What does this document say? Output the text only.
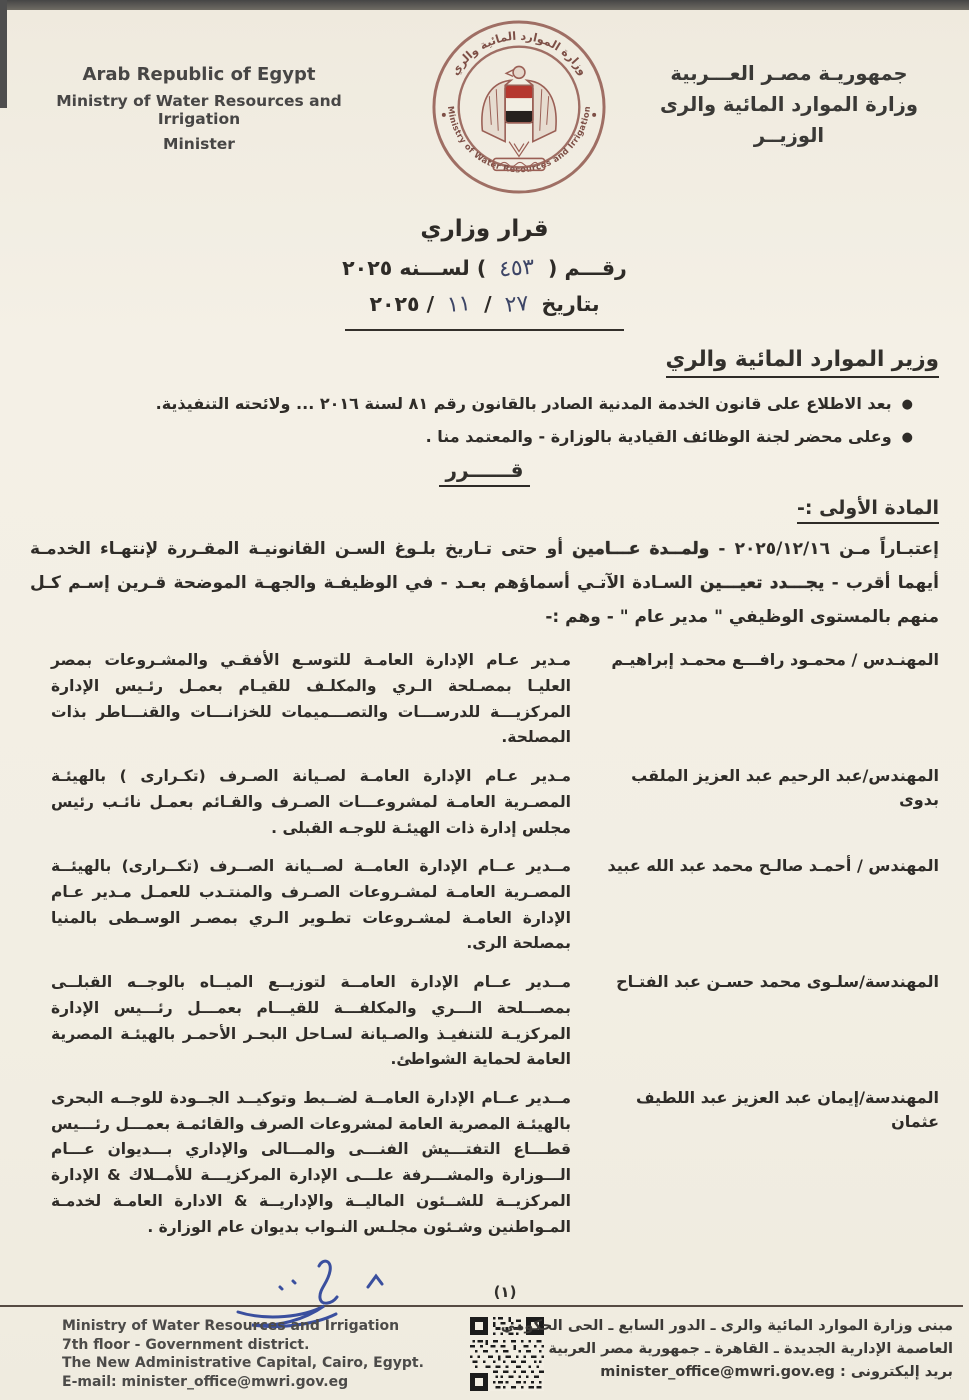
وزارة الموارد المائية والري
Ministry of Water Resources and Irrigation
Arab Republic of Egypt
Ministry of Water Resources and Irrigation
Minister
جمهوريـة مصـر العـــربية
وزارة الموارد المائية والرى
الوزيــر
قرار وزاري
رقـــم ( ٤٥٣ ) لســـنه ٢٠٢٥
بتاريخ ٢٧ / ١١ / ٢٠٢٥
وزير الموارد المائية والري
●
بعد الاطلاع على قانون الخدمة المدنية الصادر بالقانون رقم ٨١ لسنة ٢٠١٦ ... ولائحته التنفيذية.
●
وعلى محضر لجنة الوظائف القيادية بالوزارة - والمعتمد منا .
قــــــرر
المادة الأولى :-
إعتبـاراً مـن ٢٠٢٥/١٢/١٦ - ولمــدة عـــامين أو حتى تـاريخ بلـوغ السـن القانونيـة المقـررة لإنتهـاء الخدمـة أيهما أقرب - يجـــدد تعيـــين السـادة الآتـي أسماؤهم بعـد - في الوظيفـة والجهـة الموضحة قـرين إسـم كـل منهم بالمستوى الوظيفي " مدير عام " - وهم :-
المهنـدس / محمـود رافـــع محمـد إبراهيـم
مـدير عـام الإدارة العامـة للتوسـع الأفقـي والمشـروعات بمصر العليـا بمصـلحة الـري والمكلـف للقيـام بعمـل رئـيس الإدارة المركزيـــة للدرســـات والتصـــميمات للخزانـــات والقنـــاطر بذات المصلحة.
المهندس/عبد الرحيم عبد العزيز الملقب بدوى
مـدير عـام الإدارة العامـة لصـيانة الصـرف (تكـرارى ) بالهيئـة المصـرية العامـة لمشروعـــات الصـرف والقـائم بعمـل نائـب رئيس مجلس إدارة ذات الهيئـة للوجـه القبلى .
المهندس / أحمـد صالـح محمد عبد الله عبيد
مــدير عــام الإدارة العامــة لصــيانة الصــرف (تكــرارى) بالهيئــة المصـرية العامـة لمشـروعات الصـرف والمنتـدب للعمـل مـدير عـام الإدارة العامـة لمشـروعات تطـوير الـري بمصـر الوسـطى بالمنيا بمصلحة الرى.
المهندسة/سلـوى محمد حسـن عبد الفتـاح
مــدير عــام الإدارة العامــة لتوزيــع الميــاه بالوجــه القبلــى بمصـــلحة الـــري والمكلفـــة للقيـــام بعمـــل رئـــيس الإدارة المركزيـة للتنفيـذ والصـيانة لسـاحل البحـر الأحمـر بالهيئـة المصرية العامة لحماية الشواطئ.
المهندسة/إيمان عبد العزيز عبد اللطيف عثمان
مــدير عــام الإدارة العامــة لضــبط وتوكيــد الجــودة للوجــه البحرى بالهيئـة المصرية العامة لمشروعات الصرف والقائمـة بعمـــل رئـــيس قطـــاع التفتـــيش الفنـــى والمـــالى والإداري بـــديوان عـــام الـــوزارة والمشـــرفة علـــى الإدارة المركزيـــة للأمــلاك & الإدارة المركزيــة للشــئون الماليــة والإداريــة & الادارة العامـة لخدمـة المـواطنين وشـئون مجلـس النـواب بديوان عام الوزارة .
(١)
Ministry of Water Resources and Irrigation
7th floor - Government district.
The New Administrative Capital, Cairo, Egypt.
E-mail: minister_office@mwri.gov.eg
مبنى وزارة الموارد المائية والرى ـ الدور السابع ـ الحى الحكومى
العاصمة الإدارية الجديدة ـ القاهرة ـ جمهورية مصر العربية
بريد إليكترونى : minister_office@mwri.gov.eg
